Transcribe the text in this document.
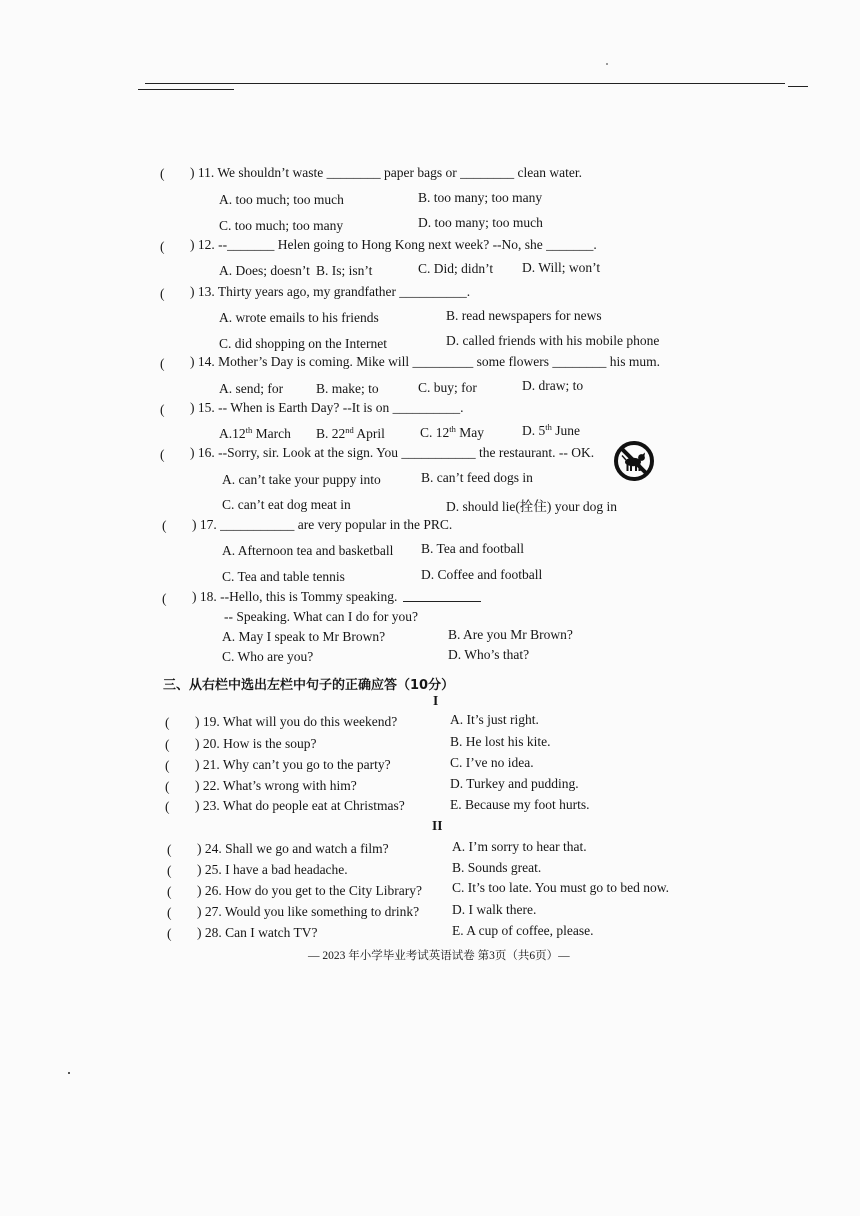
( ) 11. We shouldn’t waste ________ paper bags or ________ clean water.
A. too much; too much	B. too many; too many
C. too much; too many	D. too many; too much
( ) 12. --_______ Helen going to Hong Kong next week? --No, she _______.
A. Does; doesn’t B. Is; isn’t	C. Did; didn’t D. Will; won’t
( ) 13. Thirty years ago, my grandfather __________.
A. wrote emails to his friends	B. read newspapers for news
C. did shopping on the Internet	D. called friends with his mobile phone
( ) 14. Mother’s Day is coming. Mike will _________ some flowers ________ his mum.
A. send; for B. make; to	C. buy; for	D. draw; to
( ) 15. -- When is Earth Day? --It is on __________.
A.12th March B. 22nd April	C. 12th May	D. 5th June
( ) 16. --Sorry, sir. Look at the sign. You ___________ the restaurant. -- OK.
A. can’t take your puppy into	B. can’t feed dogs in
C. can’t eat dog meat in	D. should lie(拴住) your dog in
( ) 17. ___________ are very popular in the PRC.
A. Afternoon tea and basketball B. Tea and football
C. Tea and table tennis	D. Coffee and football
( ) 18. --Hello, this is Tommy speaking.
-- Speaking. What can I do for you?
A. May I speak to Mr Brown?	B. Are you Mr Brown?
C. Who are you?	D. Who’s that?
三、从右栏中选出左栏中句子的正确应答（10分）
I
( ) 19. What will you do this weekend?	A. It’s just right.
( ) 20. How is the soup?	B. He lost his kite.
( ) 21. Why can’t you go to the party?	C. I’ve no idea.
( ) 22. What’s wrong with him?	D. Turkey and pudding.
( ) 23. What do people eat at Christmas?	E. Because my foot hurts.
II
( ) 24. Shall we go and watch a film?	A. I’m sorry to hear that.
( ) 25. I have a bad headache.	B. Sounds great.
( ) 26. How do you get to the City Library? C. It’s too late. You must go to bed now.
( ) 27. Would you like something to drink? D. I walk there.
( ) 28. Can I watch TV?	E. A cup of coffee, please.
— 2023 年小学毕业考试英语试卷 第3页（共6页）—
